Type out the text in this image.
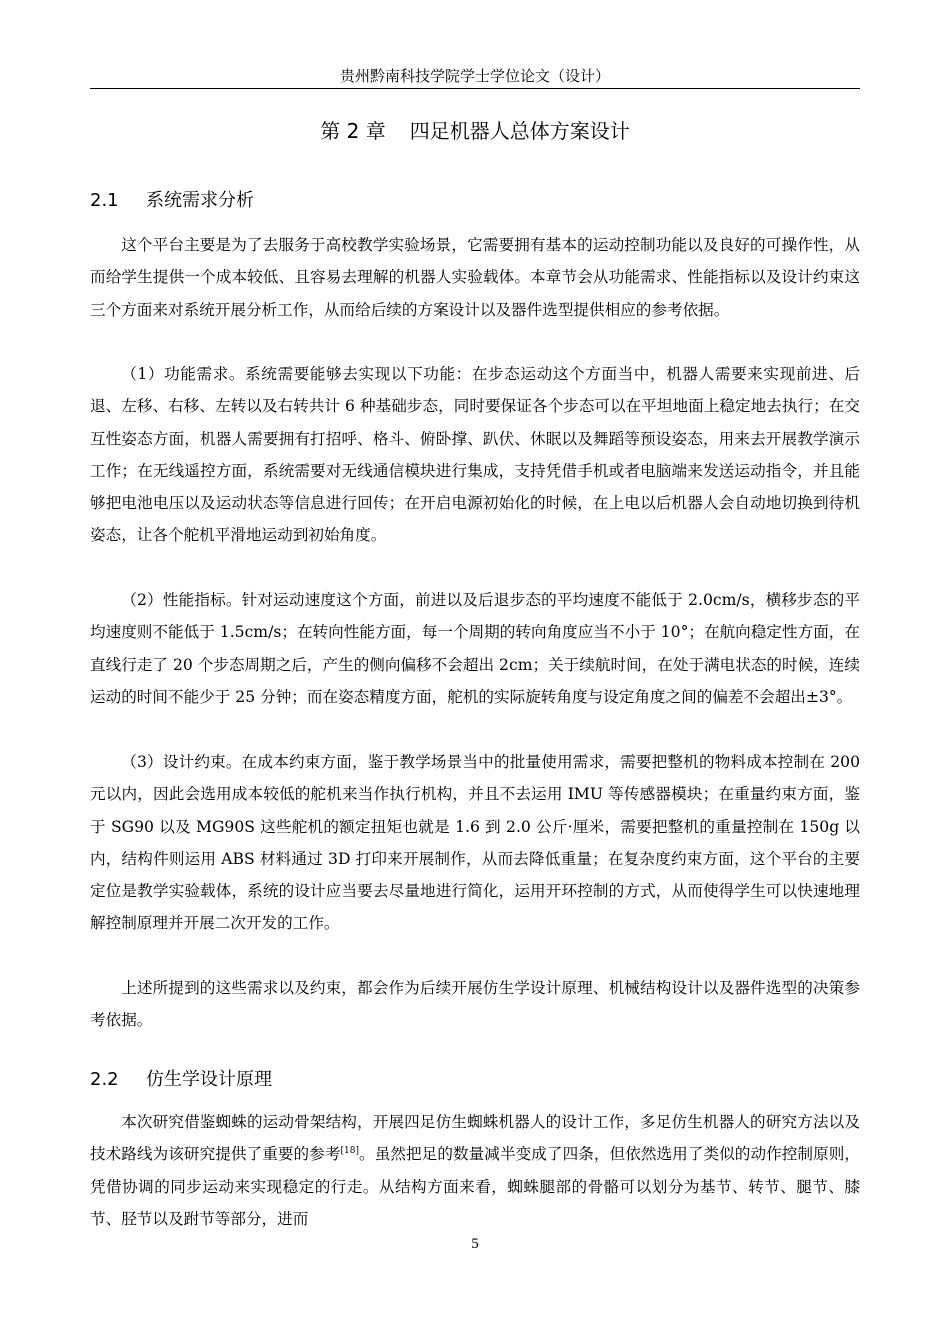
贵州黔南科技学院学士学位论文（设计）
第 2 章 四足机器人总体方案设计
2.1 系统需求分析

这个平台主要是为了去服务于高校教学实验场景，它需要拥有基本的运动控制功能以及良好的可操作性，从而给学生提供一个成本较低、且容易去理解的机器人实验载体。本章节会从功能需求、性能指标以及设计约束这三个方面来对系统开展分析工作，从而给后续的方案设计以及器件选型提供相应的参考依据。

（1）功能需求。系统需要能够去实现以下功能：在步态运动这个方面当中，机器人需要来实现前进、后退、左移、右移、左转以及右转共计 6 种基础步态，同时要保证各个步态可以在平坦地面上稳定地去执行；在交互性姿态方面，机器人需要拥有打招呼、格斗、俯卧撑、趴伏、休眠以及舞蹈等预设姿态，用来去开展教学演示工作；在无线遥控方面，系统需要对无线通信模块进行集成，支持凭借手机或者电脑端来发送运动指令，并且能够把电池电压以及运动状态等信息进行回传；在开启电源初始化的时候，在上电以后机器人会自动地切换到待机姿态，让各个舵机平滑地运动到初始角度。

（2）性能指标。针对运动速度这个方面，前进以及后退步态的平均速度不能低于 2.0cm/s，横移步态的平均速度则不能低于 1.5cm/s；在转向性能方面，每一个周期的转向角度应当不小于 10°；在航向稳定性方面，在直线行走了 20 个步态周期之后，产生的侧向偏移不会超出 2cm；关于续航时间，在处于满电状态的时候，连续运动的时间不能少于 25 分钟；而在姿态精度方面，舵机的实际旋转角度与设定角度之间的偏差不会超出±3°。

（3）设计约束。在成本约束方面，鉴于教学场景当中的批量使用需求，需要把整机的物料成本控制在 200 元以内，因此会选用成本较低的舵机来当作执行机构，并且不去运用 IMU 等传感器模块；在重量约束方面，鉴于 SG90 以及 MG90S 这些舵机的额定扭矩也就是 1.6 到 2.0 公斤·厘米，需要把整机的重量控制在 150g 以内，结构件则运用 ABS 材料通过 3D 打印来开展制作，从而去降低重量；在复杂度约束方面，这个平台的主要定位是教学实验载体，系统的设计应当要去尽量地进行简化，运用开环控制的方式，从而使得学生可以快速地理解控制原理并开展二次开发的工作。

上述所提到的这些需求以及约束，都会作为后续开展仿生学设计原理、机械结构设计以及器件选型的决策参考依据。

2.2 仿生学设计原理

本次研究借鉴蜘蛛的运动骨架结构，开展四足仿生蜘蛛机器人的设计工作，多足仿生机器人的研究方法以及技术路线为该研究提供了重要的参考[18]。虽然把足的数量减半变成了四条，但依然选用了类似的动作控制原则，凭借协调的同步运动来实现稳定的行走。从结构方面来看，蜘蛛腿部的骨骼可以划分为基节、转节、腿节、膝节、胫节以及跗节等部分，进而

5
